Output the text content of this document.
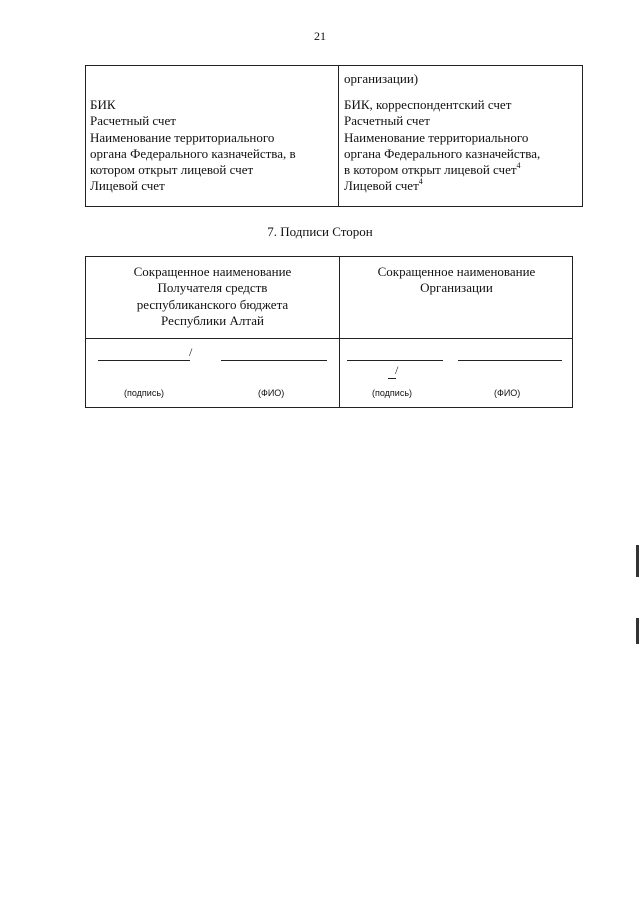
21
БИК
Расчетный счет
Наименование территориального
органа Федерального казначейства, в
котором открыт лицевой счет
Лицевой счет
организации)
БИК, корреспондентский счет
Расчетный счет
Наименование территориального
органа Федерального казначейства,
в котором открыт лицевой счет$^4$
Лицевой счет$^4$
7. Подписи Сторон
Сокращенное наименование
Получателя средств
республиканского бюджета
Республики Алтай
Сокращенное наименование
Организации
/
(подпись)	(ФИО)
/
(подпись)	(ФИО)
